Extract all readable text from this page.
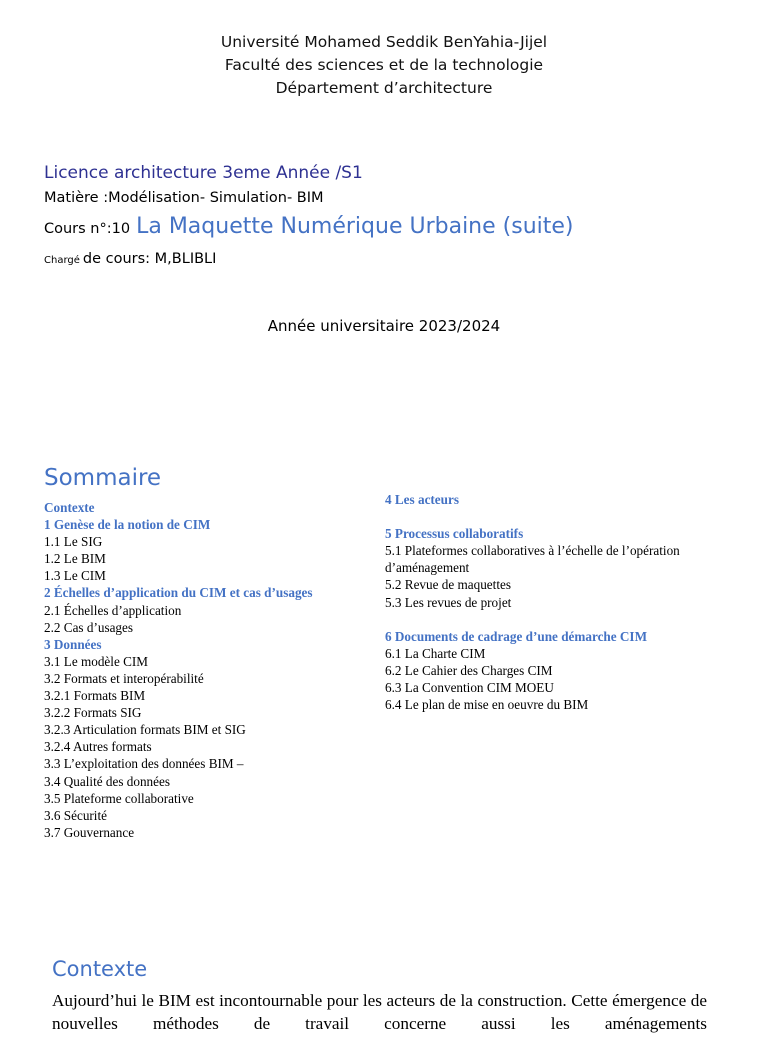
Université Mohamed Seddik BenYahia-Jijel
Faculté des sciences et de la technologie
Département d’architecture
Licence architecture 3eme Année /S1
Matière :Modélisation- Simulation- BIM
Cours n°:10 La Maquette Numérique Urbaine (suite)
Chargé de cours: M,BLIBLI
Année universitaire 2023/2024
Sommaire
Contexte
1 Genèse de la notion de CIM
1.1 Le SIG
1.2 Le BIM
1.3 Le CIM
2 Échelles d’application du CIM et cas d’usages
2.1 Échelles d’application
2.2 Cas d’usages
3 Données
3.1 Le modèle CIM
3.2 Formats et interopérabilité
3.2.1 Formats BIM
3.2.2 Formats SIG
3.2.3 Articulation formats BIM et SIG
3.2.4 Autres formats
3.3 L’exploitation des données BIM –
3.4 Qualité des données
3.5 Plateforme collaborative
3.6 Sécurité
3.7 Gouvernance
4 Les acteurs
5 Processus collaboratifs
5.1 Plateformes collaboratives à l’échelle de l’opération d’aménagement
5.2 Revue de maquettes
5.3 Les revues de projet
6 Documents de cadrage d’une démarche CIM
6.1 La Charte CIM
6.2 Le Cahier des Charges CIM
6.3 La Convention CIM MOEU
6.4 Le plan de mise en oeuvre du BIM
Contexte
Aujourd’hui le BIM est incontournable pour les acteurs de la construction. Cette émergence de nouvelles méthodes de travail concerne aussi les aménagements
